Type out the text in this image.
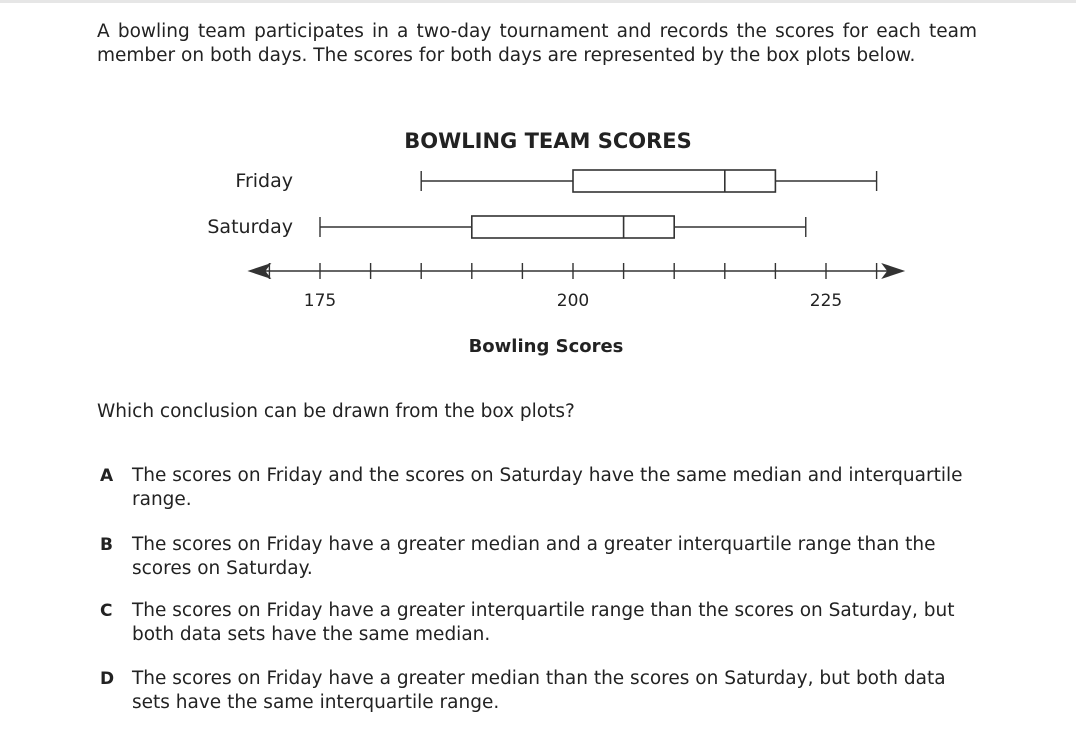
A bowling team participates in a two-day tournament and records the scores for each team member on both days. The scores for both days are represented by the box plots below.

BOWLING TEAM SCORES
175	200	225
Friday
Saturday
Bowling Scores

Which conclusion can be drawn from the box plots?

A The scores on Friday and the scores on Saturday have the same median and interquartile range.
B The scores on Friday have a greater median and a greater interquartile range than the scores on Saturday.
C The scores on Friday have a greater interquartile range than the scores on Saturday, but both data sets have the same median.
D The scores on Friday have a greater median than the scores on Saturday, but both data sets have the same interquartile range.
